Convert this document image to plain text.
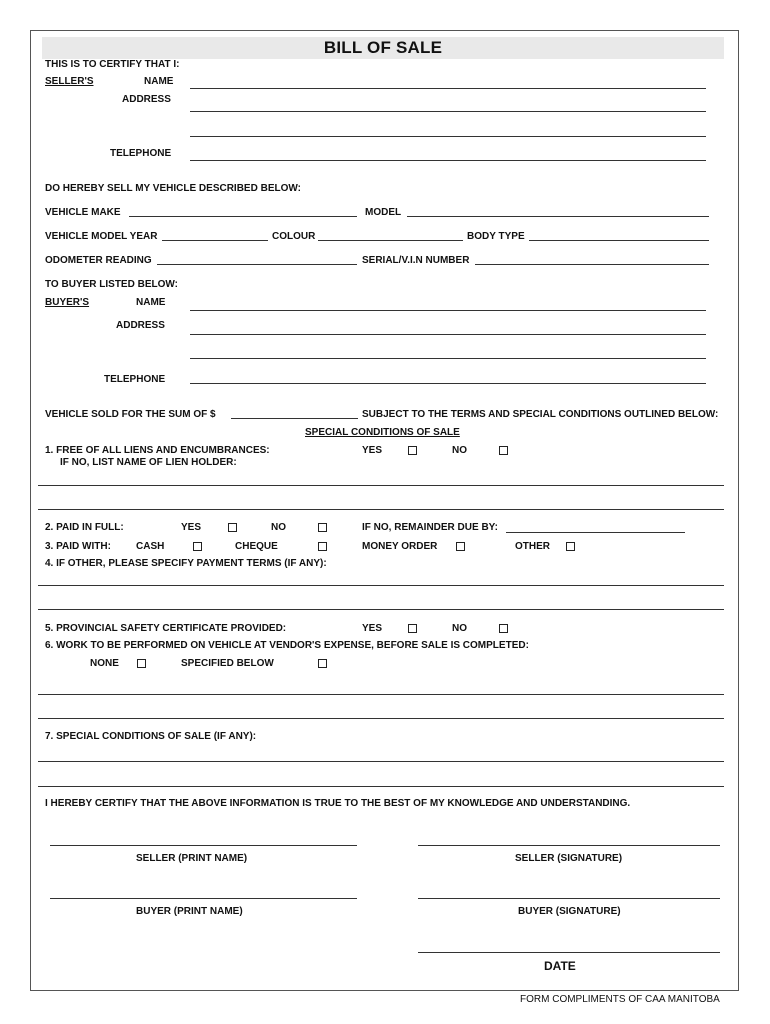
BILL OF SALE
THIS IS TO CERTIFY THAT I:
SELLER'S	NAME
ADDRESS
TELEPHONE
DO HEREBY SELL MY VEHICLE DESCRIBED BELOW:
VEHICLE MAKE	MODEL
VEHICLE MODEL YEAR	COLOUR	BODY TYPE
ODOMETER READING	SERIAL/V.I.N NUMBER
TO BUYER LISTED BELOW:
BUYER'S	NAME
ADDRESS
TELEPHONE
VEHICLE SOLD FOR THE SUM OF $	SUBJECT TO THE TERMS AND SPECIAL CONDITIONS OUTLINED BELOW:
SPECIAL CONDITIONS OF SALE
1. FREE OF ALL LIENS AND ENCUMBRANCES:	YES	NO
IF NO, LIST NAME OF LIEN HOLDER:
2. PAID IN FULL:	YES	NO	IF NO, REMAINDER DUE BY:
3. PAID WITH:	CASH	CHEQUE	MONEY ORDER	OTHER
4. IF OTHER, PLEASE SPECIFY PAYMENT TERMS (IF ANY):
5. PROVINCIAL SAFETY CERTIFICATE PROVIDED:	YES	NO
6. WORK TO BE PERFORMED ON VEHICLE AT VENDOR'S EXPENSE, BEFORE SALE IS COMPLETED:
NONE	SPECIFIED BELOW
7. SPECIAL CONDITIONS OF SALE (IF ANY):
I HEREBY CERTIFY THAT THE ABOVE INFORMATION IS TRUE TO THE BEST OF MY KNOWLEDGE AND UNDERSTANDING.
SELLER (PRINT NAME)	SELLER (SIGNATURE)
BUYER (PRINT NAME)	BUYER (SIGNATURE)
DATE
FORM COMPLIMENTS OF CAA MANITOBA
